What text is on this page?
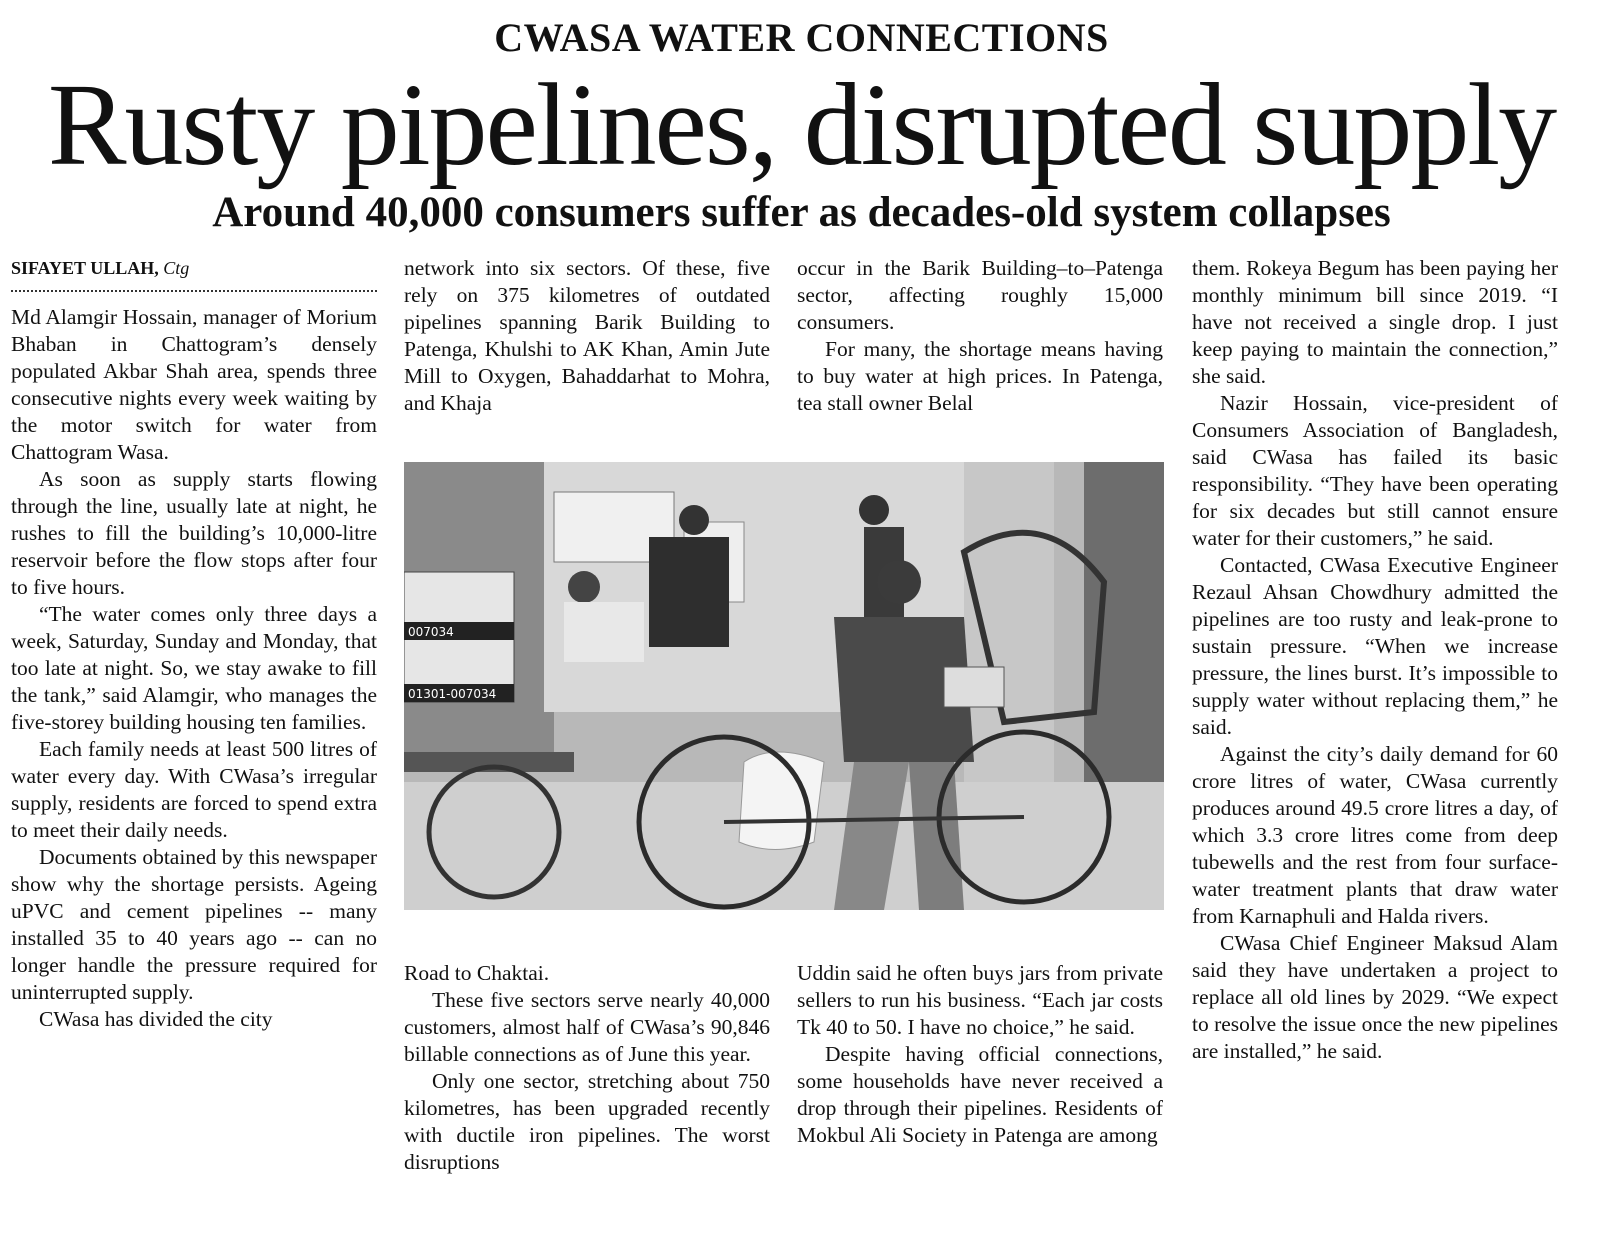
CWASA WATER CONNECTIONS
Rusty pipelines, disrupted supply
Around 40,000 consumers suffer as decades-old system collapses
SIFAYET ULLAH, Ctg

Md Alamgir Hossain, manager of Morium Bhaban in Chattogram’s densely populated Akbar Shah area, spends three consecutive nights every week waiting by the motor switch for water from Chattogram Wasa.

As soon as supply starts flowing through the line, usually late at night, he rushes to fill the building’s 10,000-litre reservoir before the flow stops after four to five hours.

“The water comes only three days a week, Saturday, Sunday and Monday, that too late at night. So, we stay awake to fill the tank,” said Alamgir, who manages the five-storey building housing ten families.

Each family needs at least 500 litres of water every day. With CWasa’s irregular supply, residents are forced to spend extra to meet their daily needs.

Documents obtained by this newspaper show why the shortage persists. Ageing uPVC and cement pipelines -- many installed 35 to 40 years ago -- can no longer handle the pressure required for uninterrupted supply.

CWasa has divided the city

network into six sectors. Of these, five rely on 375 kilometres of outdated pipelines spanning Barik Building to Patenga, Khulshi to AK Khan, Amin Jute Mill to Oxygen, Bahaddarhat to Mohra, and Khaja

occur in the Barik Building–to–Patenga sector, affecting roughly 15,000 consumers.

For many, the shortage means having to buy water at high prices. In Patenga, tea stall owner Belal

007034
01301-007034

Road to Chaktai.

These five sectors serve nearly 40,000 customers, almost half of CWasa’s 90,846 billable connections as of June this year.

Only one sector, stretching about 750 kilometres, has been upgraded recently with ductile iron pipelines. The worst disruptions

Uddin said he often buys jars from private sellers to run his business. “Each jar costs Tk 40 to 50. I have no choice,” he said.

Despite having official connections, some households have never received a drop through their pipelines. Residents of Mokbul Ali Society in Patenga are among

them. Rokeya Begum has been paying her monthly minimum bill since 2019. “I have not received a single drop. I just keep paying to maintain the connection,” she said.

Nazir Hossain, vice-president of Consumers Association of Bangladesh, said CWasa has failed its basic responsibility. “They have been operating for six decades but still cannot ensure water for their customers,” he said.

Contacted, CWasa Executive Engineer Rezaul Ahsan Chowdhury admitted the pipelines are too rusty and leak-prone to sustain pressure. “When we increase pressure, the lines burst. It’s impossible to supply water without replacing them,” he said.

Against the city’s daily demand for 60 crore litres of water, CWasa currently produces around 49.5 crore litres a day, of which 3.3 crore litres come from deep tubewells and the rest from four surface-water treatment plants that draw water from Karnaphuli and Halda rivers.

CWasa Chief Engineer Maksud Alam said they have undertaken a project to replace all old lines by 2029. “We expect to resolve the issue once the new pipelines are installed,” he said.
